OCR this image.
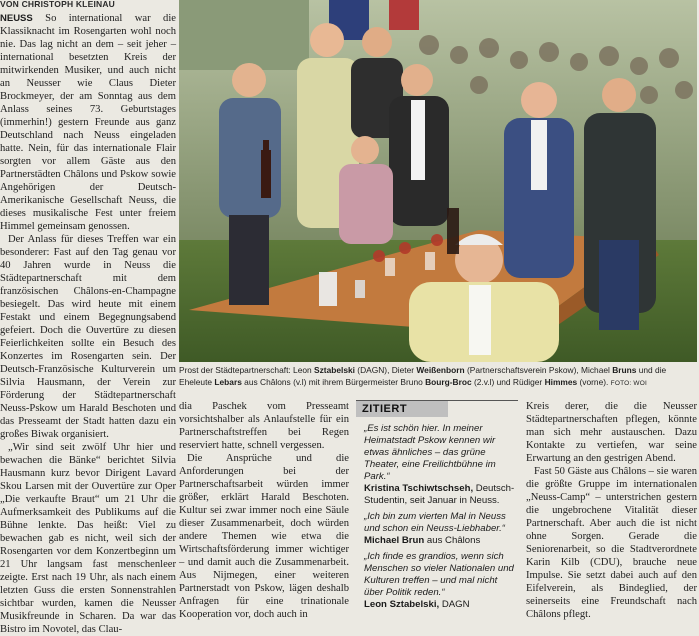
VON CHRISTOPH KLEINAU

NEUSS So international war die Klassiknacht im Rosengarten wohl noch nie. Das lag nicht an dem – seit jeher – international besetzten Kreis der mitwirkenden Musiker, und auch nicht an Neusser wie Claus Dieter Brockmeyer, der am Sonntag aus dem Anlass seines 73. Geburtstages (immerhin!) gestern Freunde aus ganz Deutschland nach Neuss eingeladen hatte. Nein, für das internationale Flair sorgten vor allem Gäste aus den Partnerstädten Châlons und Pskow sowie Angehörigen der Deutsch-Amerikanische Gesellschaft Neuss, die dieses musikalische Fest unter freiem Himmel gemeinsam genossen.

Der Anlass für dieses Treffen war ein besonderer: Fast auf den Tag genau vor 40 Jahren wurde in Neuss die Städtepartnerschaft mit dem französischen Châlons-en-Champagne besiegelt. Das wird heute mit einem Festakt und einem Begegnungsabend gefeiert. Doch die Ouvertüre zu diesen Feierlichkeiten sollte ein Besuch des Konzertes im Rosengarten sein. Der Deutsch-Französische Kulturverein um Silvia Hausmann, der Verein zur Förderung der Städtepartnerschaft Neuss-Pskow um Harald Beschoten und das Presseamt der Stadt hatten dazu ein großes Biwak organisiert.

„Wir sind seit zwölf Uhr hier und bewachen die Bänke“ berichtet Silvia Hausmann kurz bevor Dirigent Lavard Skou Larsen mit der Ouvertüre zur Oper „Die verkaufte Braut“ um 21 Uhr die Aufmerksamkeit des Publikums auf die Bühne lenkte. Das heißt: Viel zu bewachen gab es nicht, weil sich der Rosengarten vor dem Konzertbeginn um 21 Uhr langsam fast menschenleer zeigte. Erst nach 19 Uhr, als nach einem letzten Guss die ersten Sonnenstrahlen sichtbar wurden, kamen die Neusser Musikfreunde in Scharen. Da war das Bistro im Novotel, das Clau-

Prost der Städtepartnerschaft: Leon Sztabelski (DAGN), Dieter Weißenborn (Partnerschaftsverein Pskow), Michael Bruns und die Eheleute Lebars aus Châlons (v.l) mit ihrem Bürgermeister Bruno Bourg-Broc (2.v.l) und Rüdiger Himmes (vorne). FOTO: WOI

dia Paschek vom Presseamt vorsichtshalber als Anlaufstelle für ein Partnerschaftstreffen bei Regen reserviert hatte, schnell vergessen.

Die Ansprüche und die Anforderungen bei der Partnerschaftsarbeit würden immer größer, erklärt Harald Beschoten. Kultur sei zwar immer noch eine Säule dieser Zusammenarbeit, doch würden andere Themen wie etwa die Wirtschaftsförderung immer wichtiger – und damit auch die Zusammenarbeit. Aus Nijmegen, einer weiteren Partnerstadt von Pskow, lägen deshalb Anfragen für eine trinationale Kooperation vor, doch auch in

ZITIERT

„Es ist schön hier. In meiner Heimatstadt Pskow kennen wir etwas ähnliches – das grüne Theater, eine Freilichtbühne im Park.“

Kristina Tschiwtschseh, Deutsch-Studentin, seit Januar in Neuss.

„Ich bin zum vierten Mal in Neuss und schon ein Neuss-Liebhaber.“

Michael Brun aus Châlons

„Ich finde es grandios, wenn sich Menschen so vieler Nationalen und Kulturen treffen – und mal nicht über Politik reden.“

Leon Sztabelski, DAGN

Kreis derer, die die Neusser Städtepartnerschaften pflegen, könnte man sich mehr austauschen. Dazu Kontakte zu vertiefen, war seine Erwartung an den gestrigen Abend.

Fast 50 Gäste aus Châlons – sie waren die größte Gruppe im internationalen „Neuss-Camp“ – unterstrichen gestern die ungebrochene Vitalität dieser Partnerschaft. Aber auch die ist nicht ohne Sorgen. Gerade die Seniorenarbeit, so die Stadtverordnete Karin Kilb (CDU), brauche neue Impulse. Sie setzt dabei auch auf den Eifelverein, als Bindeglied, der seinerseits eine Freundschaft nach Châlons pflegt.
